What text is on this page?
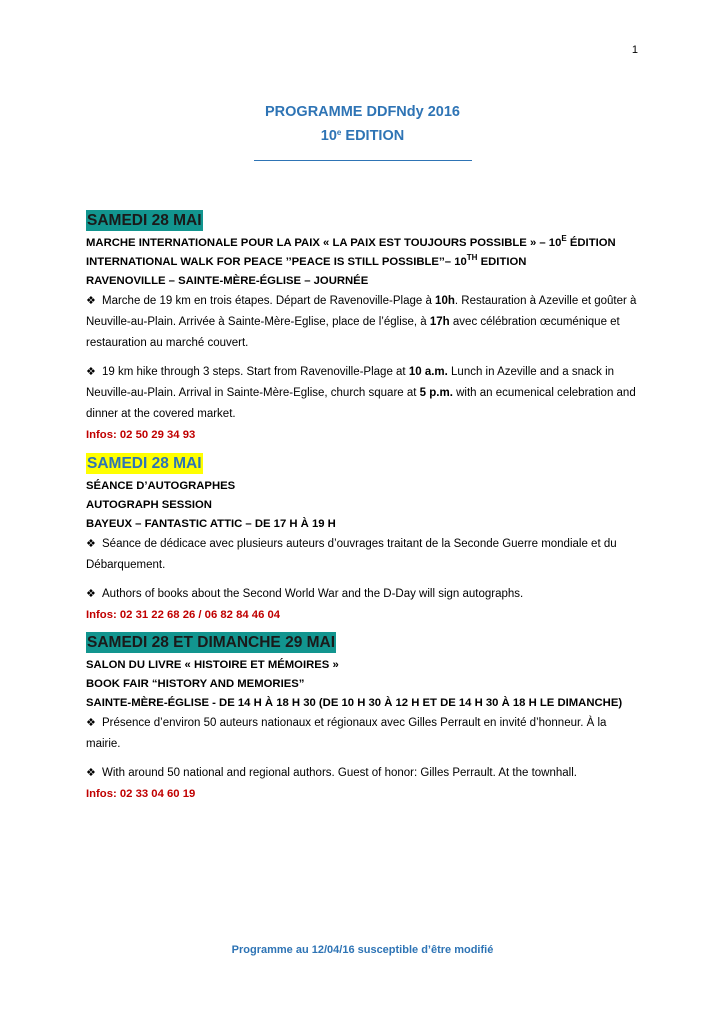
1
PROGRAMME DDFNdy 2016
10e EDITION
SAMEDI 28 MAI
MARCHE INTERNATIONALE POUR LA PAIX « LA PAIX EST TOUJOURS POSSIBLE » – $10^E$ ÉDITION
INTERNATIONAL WALK FOR PEACE ’’PEACE IS STILL POSSIBLE’’– 10TH EDITION
RAVENOVILLE – SAINTE-MÈRE-ÉGLISE – JOURNÉE

❖ Marche de 19 km en trois étapes. Départ de Ravenoville-Plage à 10h. Restauration à Azeville et goûter à Neuville-au-Plain. Arrivée à Sainte-Mère-Eglise, place de l’église, à 17h avec célébration œcuménique et restauration au marché couvert.

❖ 19 km hike through 3 steps. Start from Ravenoville-Plage at 10 a.m. Lunch in Azeville and a snack in Neuville-au-Plain. Arrival in Sainte-Mère-Eglise, church square at 5 p.m. with an ecumenical celebration and dinner at the covered market.

Infos: 02 50 29 34 93
SAMEDI 28 MAI
SÉANCE D’AUTOGRAPHES
AUTOGRAPH SESSION
BAYEUX – FANTASTIC ATTIC – DE 17 H À 19 H

❖ Séance de dédicace avec plusieurs auteurs d’ouvrages traitant de la Seconde Guerre mondiale et du Débarquement.

❖ Authors of books about the Second World War and the D-Day will sign autographs.

Infos: 02 31 22 68 26 / 06 82 84 46 04
SAMEDI 28 ET DIMANCHE 29 MAI
SALON DU LIVRE « HISTOIRE ET MÉMOIRES »
BOOK FAIR “HISTORY AND MEMORIES”
SAINTE-MÈRE-ÉGLISE - DE 14 H À 18 H 30 (DE 10 H 30 À 12 H ET DE 14 H 30 À 18 H LE DIMANCHE)

❖ Présence d’environ 50 auteurs nationaux et régionaux avec Gilles Perrault en invité d’honneur. À la mairie.

❖ With around 50 national and regional authors. Guest of honor: Gilles Perrault. At the townhall.

Infos: 02 33 04 60 19
Programme au 12/04/16 susceptible d’être modifié
